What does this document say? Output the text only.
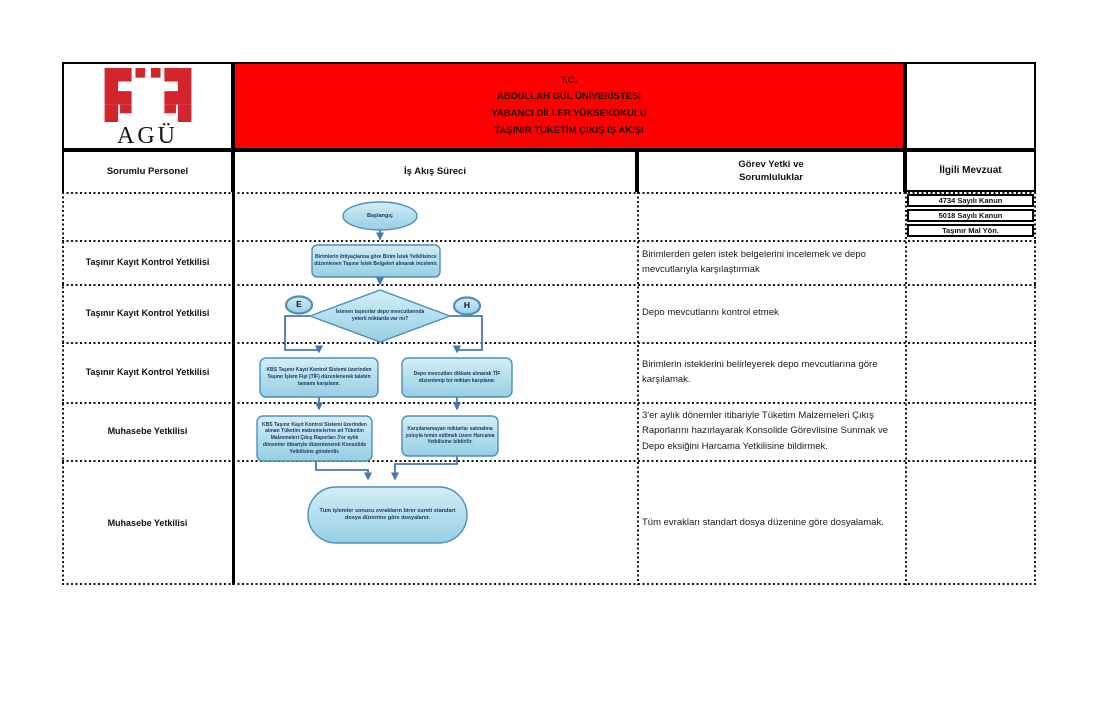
AGÜ
T.C.
ABDULLAH GÜL ÜNİVERİSTESİ
YABANCI DİLLER YÜKSEKOKULU
TAŞINIR TÜKETİM ÇIKIŞ İŞ AKIŞI
Sorumlu Personel	İş Akış Süreci
Görev Yetki ve
Sorumluluklar
İlgili Mevzuat
4734 Sayılı Kanun
5018 Sayılı Kanun
Taşınır Mal Yön.
Taşınır Kayıt Kontrol Yetkilisi
Taşınır Kayıt Kontrol Yetkilisi
Taşınır Kayıt Kontrol Yetkilisi
Muhasebe Yetkilisi
Muhasebe Yetkilisi
Birimlerden gelen istek belgelerini incelemek ve depo mevcutlarıyla karşılaştırmak
Depo mevcutlarını kontrol etmek
Birimlerin isteklerini belirleyerek depo mevcutlarına göre karşılamak.
3'er aylık dönemler itibariyle Tüketim Malzemeleri Çıkış Raporlarını hazırlayarak Konsolide Görevlisine Sunmak ve Depo eksiğini Harcama Yetkilisine bildirmek.
Tüm evrakları standart dosya düzenine göre dosyalamak.
Başlangıç
Birimlerin ihtiyaçlarına göre Birim İstek Yetkilisince düzenlenen Taşınır İstek Belgeleri alınarak incelenir.
İstenen taşınırlar depo mevcutlarında yeterli miktarda var mı?
E	H
KBS Taşınır Kayıt Kontrol Sistemi üzerinden Taşınır İşlem Fişi (TİF) düzenlenerek talebin tamamı karşılanır.
Depo mevcutları dikkate alınarak TİF düzenlenip bir miktarı karşılanır.
KBS Taşınır Kayıt Kontrol Sistemi üzerinden alınan Tüketim malzemelerine ait Tüketim Malzemeleri Çıkış Raporları 3'er aylık dönemler itibariyle düzenlenerek Konsolide Yetkilisine gönderilir.
Karşılanamayan miktarlar satınalma yoluyla temin edilmek üzere Harcama Yetkilisine bildirilir.
Tüm işlemler sonucu evrakların birer sureti standart dosya düzenine göre dosyalanır.
